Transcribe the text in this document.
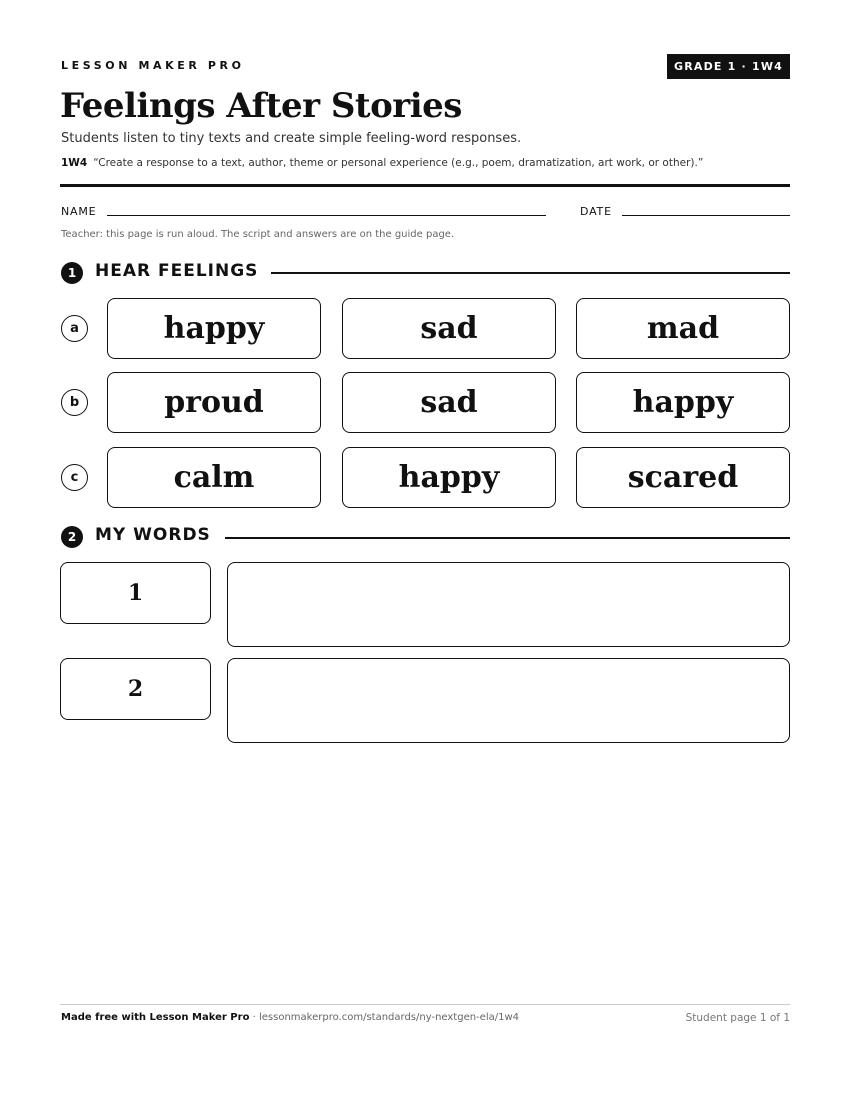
LESSON MAKER PRO	GRADE 1 · 1W4
Feelings After Stories
Students listen to tiny texts and create simple feeling-word responses.
1W4 “Create a response to a text, author, theme or personal experience (e.g., poem, dramatization, art work, or other).”
NAME	DATE
Teacher: this page is run aloud. The script and answers are on the guide page.
1	HEAR FEELINGS
a	happy	sad	mad
b	proud	sad	happy
c	calm	happy	scared
2	MY WORDS
1
2
Made free with Lesson Maker Pro · lessonmakerpro.com/standards/ny-nextgen-ela/1w4	Student page 1 of 1
